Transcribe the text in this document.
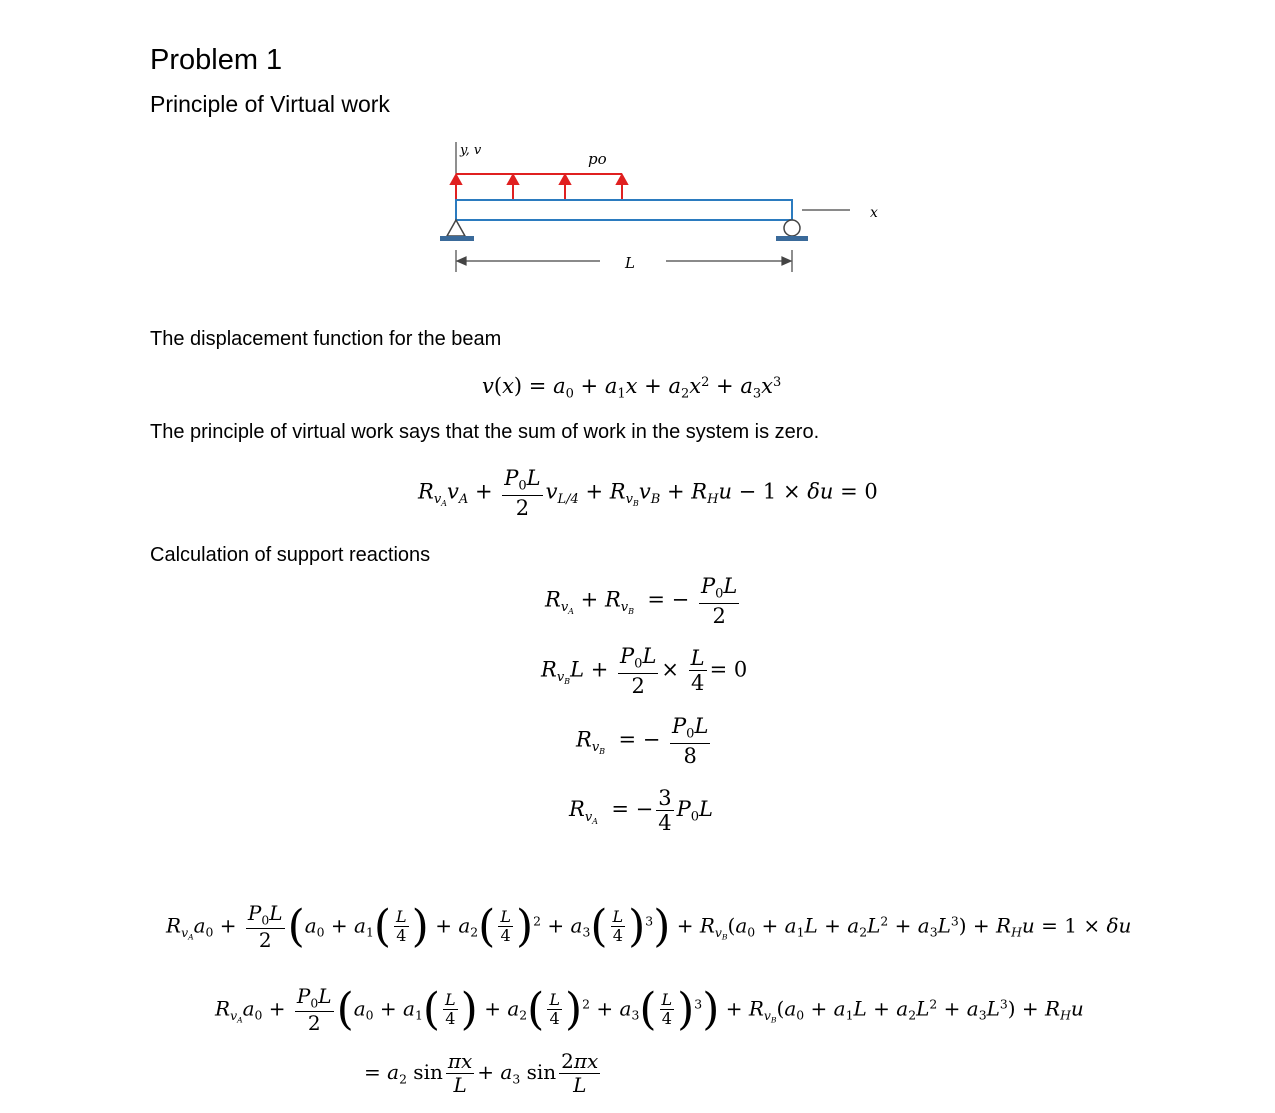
Problem 1
Principle of Virtual work
y, v	po
x
L
The displacement function for the beam
$v(x) = a_0 + a_1x + a_2x^2 + a_3x^3$
The principle of virtual work says that the sum of work in the system is zero.
$R_{v_A}v_A + \frac{P_0L}{2} v_{L/4} + R_{v_B}v_B + R_Hu - 1 \times \delta u = 0$
Calculation of support reactions
$R_{v_A} + R_{v_B}$  = − $\frac{P_0L}{2}$
$R_{v_B}L + \frac{P_0L}{2} \times \frac{L}{4} = 0$
$R_{v_B}$  = − $\frac{P_0L}{8}$
$R_{v_A}$  = − $\frac{3}{4} P_0L$
$R_{v_A}a_0 + \frac{P_0L}{2} (a_0 + a_1( \frac{L}{4}$ ) + $a_2( \frac{L}{4} )^2 + a_3( \frac{L}{4} )^3) + R_{v_B}(a_0 + a_1L + a_2L^2 + a_3L^3) + R_Hu = 1 \times \delta u$
$R_{v_A}a_0 + \frac{P_0L}{2} (a_0 + a_1( \frac{L}{4}$ ) + $a_2( \frac{L}{4} )^2 + a_3( \frac{L}{4} )^3) + R_{v_B}(a_0 + a_1L + a_2L^2 + a_3L^3) + R_Hu$
= $a_2$ $\sin \frac{\pi x}{L} + a_3$ $\sin \frac{2\pi x}{L}$
